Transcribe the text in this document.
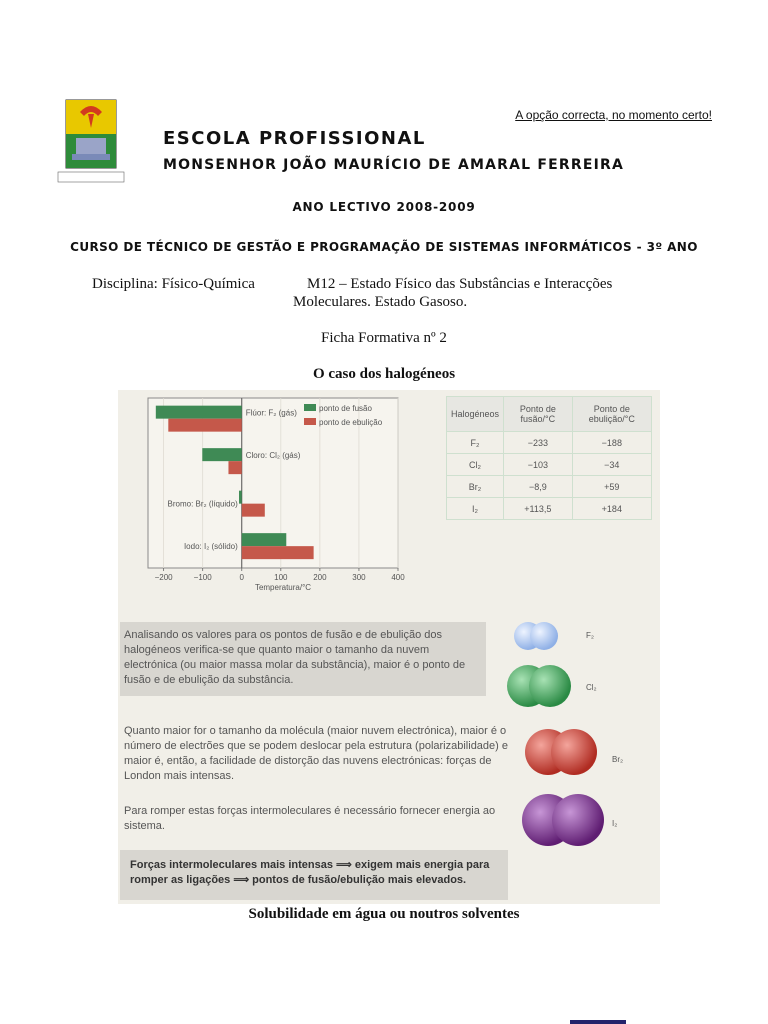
A opção correcta, no momento certo!
ESCOLA PROFISSIONAL
MONSENHOR JOÃO MAURÍCIO DE AMARAL FERREIRA
ANO LECTIVO 2008-2009
CURSO DE TÉCNICO DE GESTÃO E PROGRAMAÇÃO DE SISTEMAS INFORMÁTICOS - 3º ANO
Disciplina: Físico-Química	M12 – Estado Físico das Substâncias e Interacções
Moleculares. Estado Gasoso.
Ficha Formativa nº 2
O caso dos halogéneos
Flúor: F₂ (gás)
Cloro: Cl₂ (gás)
Bromo: Br₂ (líquido)
Iodo: I₂ (sólido)
−200	−100	0	100	200	300	400
Temperatura/°C
ponto de fusão
ponto de ebulição
Halogéneos	Ponto de fusão/°C	Ponto de ebulição/°C
F₂	−233	−188
Cl₂	−103	−34
Br₂	−8,9	+59
I₂	+113,5	+184
Analisando os valores para os pontos de fusão e de ebulição dos halogéneos verifica-se que quanto maior o tamanho da nuvem electrónica (ou maior massa molar da substância), maior é o ponto de fusão e de ebulição da substância.
Quanto maior for o tamanho da molécula (maior nuvem electrónica), maior é o número de electrões que se podem deslocar pela estrutura (polarizabilidade) e maior é, então, a facilidade de distorção das nuvens electrónicas: forças de London mais intensas.
Para romper estas forças intermoleculares é necessário fornecer energia ao sistema.
Forças intermoleculares mais intensas ⟹ exigem mais energia para romper as ligações ⟹ pontos de fusão/ebulição mais elevados.
F₂
Cl₂
Br₂
I₂
Solubilidade em água ou noutros solventes
